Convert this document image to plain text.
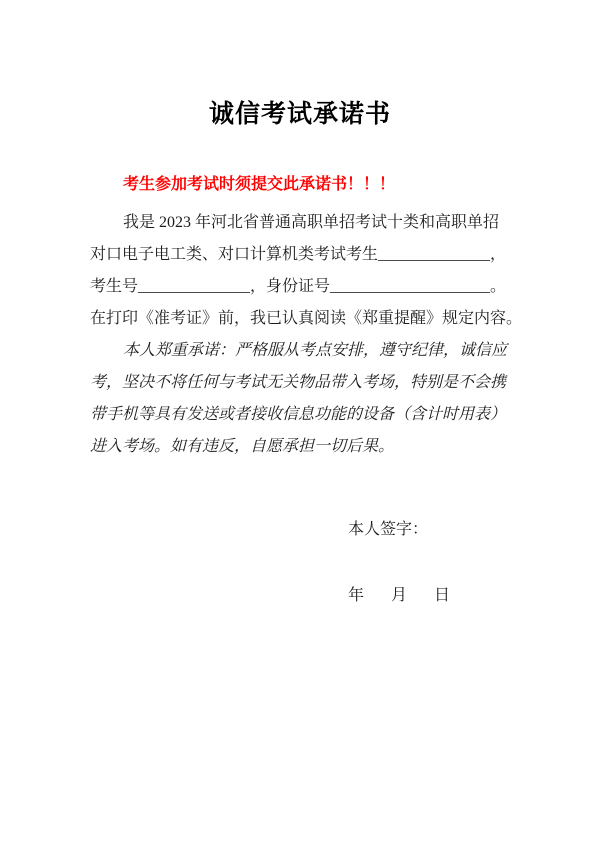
诚信考试承诺书
考生参加考试时须提交此承诺书！！！
我是 2023 年河北省普通高职单招考试十类和高职单招
对口电子电工类、对口计算机类考试考生______________，
考生号______________，身份证号____________________。
在打印《准考证》前，我已认真阅读《郑重提醒》规定内容。
本人郑重承诺：严格服从考点安排，遵守纪律，诚信应
考，坚决不将任何与考试无关物品带入考场，特别是不会携
带手机等具有发送或者接收信息功能的设备（含计时用表）
进入考场。如有违反，自愿承担一切后果。
本人签字：
年 月 日
